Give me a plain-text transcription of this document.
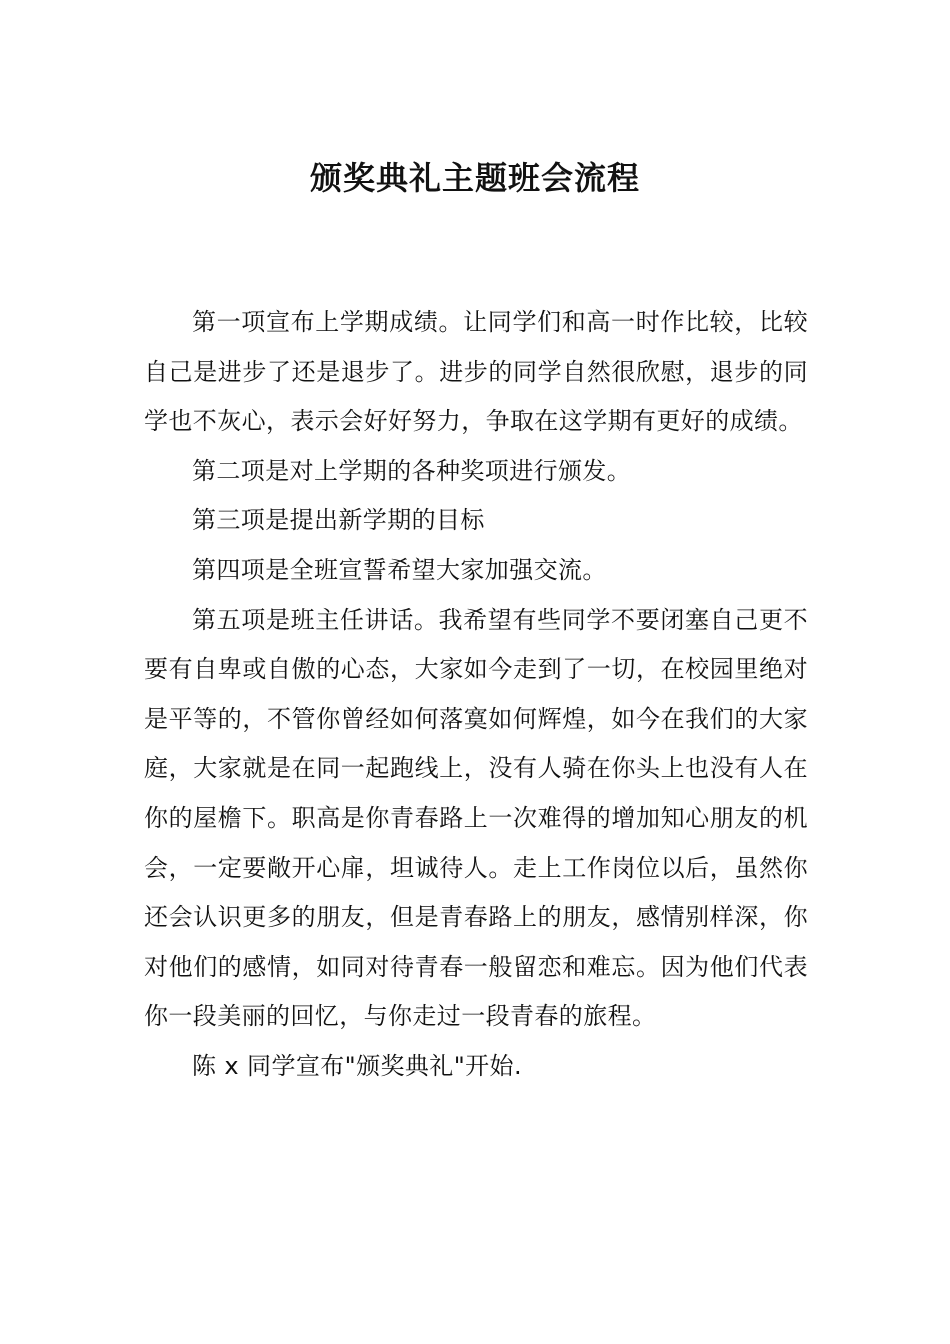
颁奖典礼主题班会流程

第一项宣布上学期成绩。让同学们和高一时作比较，比较自己是进步了还是退步了。进步的同学自然很欣慰，退步的同学也不灰心，表示会好好努力，争取在这学期有更好的成绩。

第二项是对上学期的各种奖项进行颁发。

第三项是提出新学期的目标

第四项是全班宣誓希望大家加强交流。

第五项是班主任讲话。我希望有些同学不要闭塞自己更不要有自卑或自傲的心态，大家如今走到了一切，在校园里绝对是平等的，不管你曾经如何落寞如何辉煌，如今在我们的大家庭，大家就是在同一起跑线上，没有人骑在你头上也没有人在你的屋檐下。职高是你青春路上一次难得的增加知心朋友的机会，一定要敞开心扉，坦诚待人。走上工作岗位以后，虽然你还会认识更多的朋友，但是青春路上的朋友，感情别样深，你对他们的感情，如同对待青春一般留恋和难忘。因为他们代表你一段美丽的回忆，与你走过一段青春的旅程。

陈 x 同学宣布"颁奖典礼"开始.
